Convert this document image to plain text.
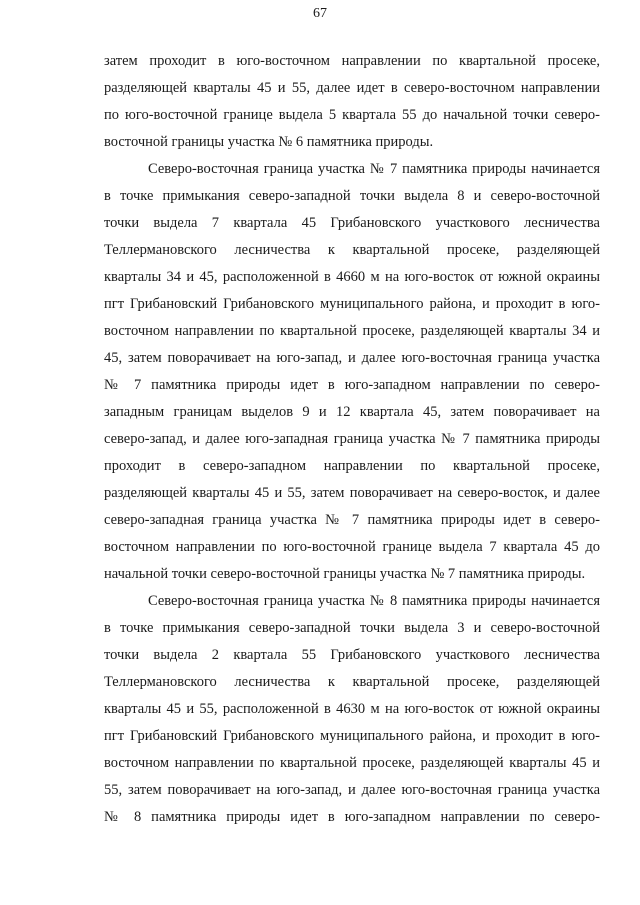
67
затем проходит в юго-восточном направлении по квартальной просеке,
разделяющей кварталы 45 и 55, далее идет в северо-восточном направлении
по юго-восточной границе выдела 5 квартала 55 до начальной точки северо-
восточной границы участка № 6 памятника природы.
Северо-восточная граница участка № 7 памятника природы начинается
в точке примыкания северо-западной точки выдела 8 и северо-восточной
точки выдела 7 квартала 45 Грибановского участкового лесничества
Теллермановского лесничества к квартальной просеке, разделяющей
кварталы 34 и 45, расположенной в 4660 м на юго-восток от южной окраины
пгт Грибановский Грибановского муниципального района, и проходит в юго-
восточном направлении по квартальной просеке, разделяющей кварталы 34 и
45, затем поворачивает на юго-запад, и далее юго-восточная граница участка
№ 7 памятника природы идет в юго-западном направлении по северо-
западным границам выделов 9 и 12 квартала 45, затем поворачивает на
северо-запад, и далее юго-западная граница участка № 7 памятника природы
проходит в северо-западном направлении по квартальной просеке,
разделяющей кварталы 45 и 55, затем поворачивает на северо-восток, и далее
северо-западная граница участка № 7 памятника природы идет в северо-
восточном направлении по юго-восточной границе выдела 7 квартала 45 до
начальной точки северо-восточной границы участка № 7 памятника природы.
Северо-восточная граница участка № 8 памятника природы начинается
в точке примыкания северо-западной точки выдела 3 и северо-восточной
точки выдела 2 квартала 55 Грибановского участкового лесничества
Теллермановского лесничества к квартальной просеке, разделяющей
кварталы 45 и 55, расположенной в 4630 м на юго-восток от южной окраины
пгт Грибановский Грибановского муниципального района, и проходит в юго-
восточном направлении по квартальной просеке, разделяющей кварталы 45 и
55, затем поворачивает на юго-запад, и далее юго-восточная граница участка
№ 8 памятника природы идет в юго-западном направлении по северо-
